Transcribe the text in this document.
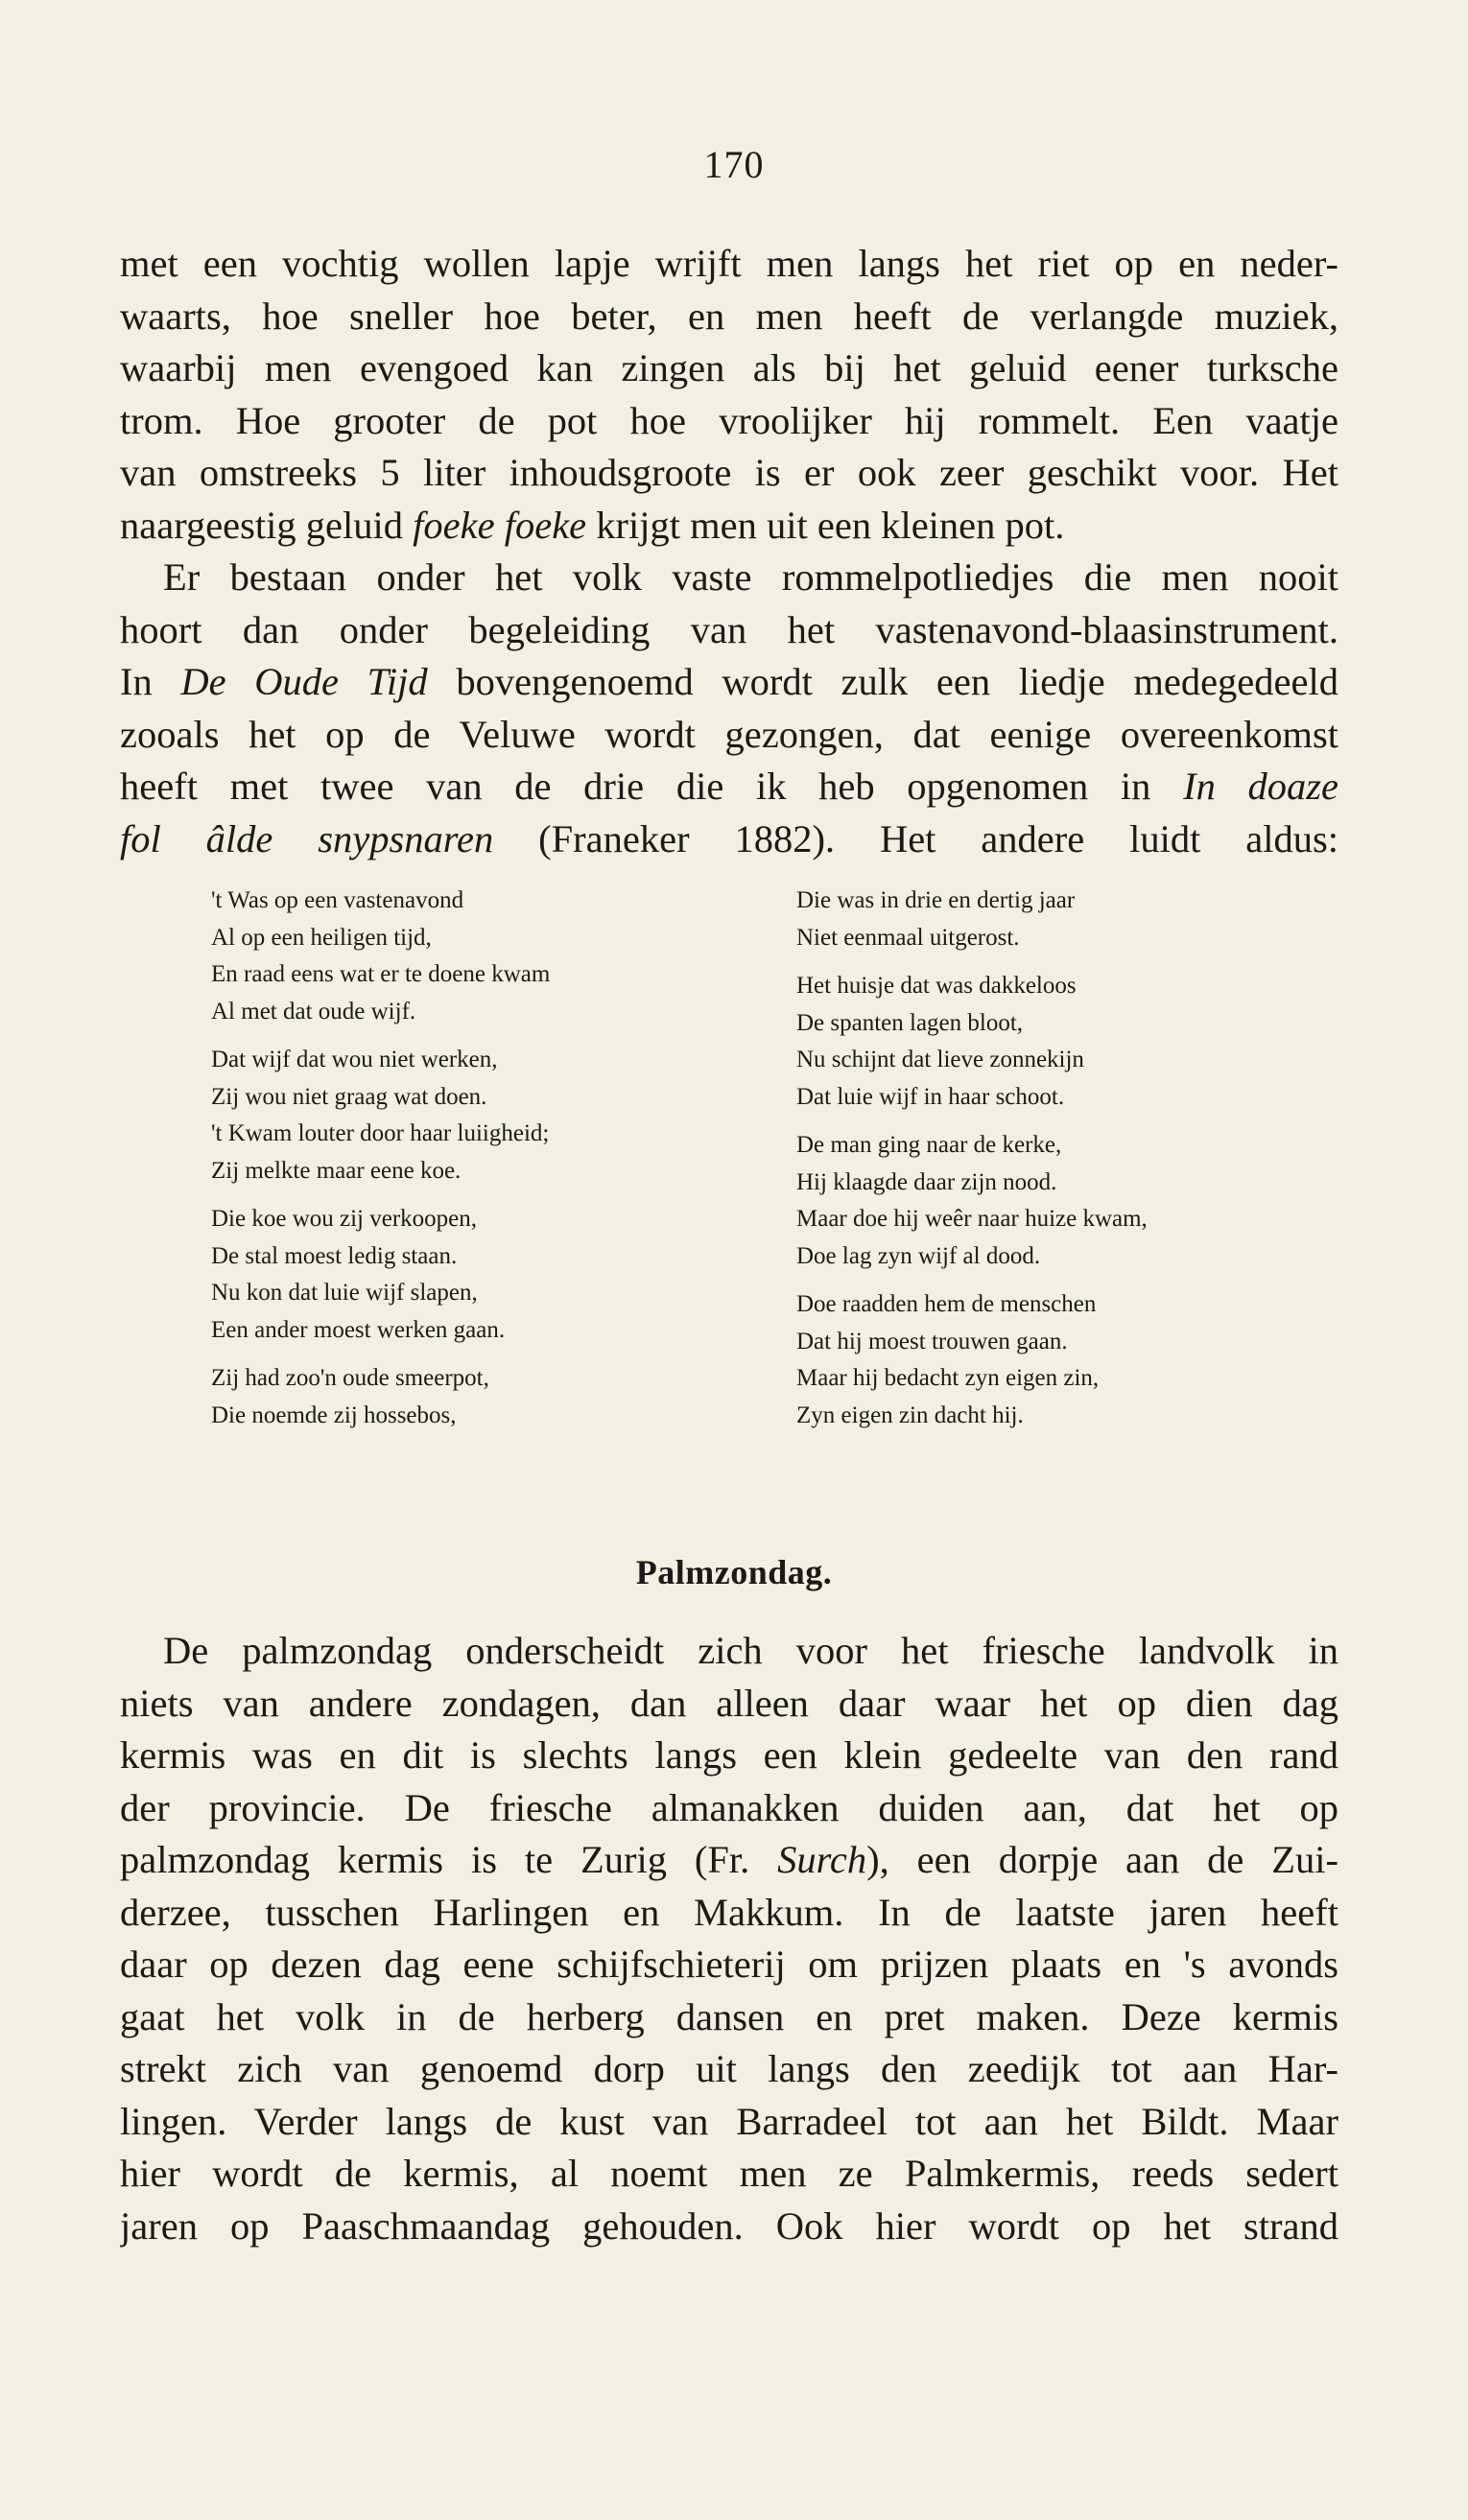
170
met een vochtig wollen lapje wrijft men langs het riet op en neder-
waarts, hoe sneller hoe beter, en men heeft de verlangde muziek,
waarbij men evengoed kan zingen als bij het geluid eener turksche
trom. Hoe grooter de pot hoe vroolijker hij rommelt. Een vaatje
van omstreeks 5 liter inhoudsgroote is er ook zeer geschikt voor. Het
naargeestig geluid foeke foeke krijgt men uit een kleinen pot.
Er bestaan onder het volk vaste rommelpotliedjes die men nooit
hoort dan onder begeleiding van het vastenavond-blaasinstrument.
In De Oude Tijd bovengenoemd wordt zulk een liedje medegedeeld
zooals het op de Veluwe wordt gezongen, dat eenige overeenkomst
heeft met twee van de drie die ik heb opgenomen in In doaze
fol âlde snypsnaren (Franeker 1882). Het andere luidt aldus:
't Was op een vastenavond
Al op een heiligen tijd,
En raad eens wat er te doene kwam
Al met dat oude wijf.
Dat wijf dat wou niet werken,
Zij wou niet graag wat doen.
't Kwam louter door haar luiigheid;
Zij melkte maar eene koe.
Die koe wou zij verkoopen,
De stal moest ledig staan.
Nu kon dat luie wijf slapen,
Een ander moest werken gaan.
Zij had zoo'n oude smeerpot,
Die noemde zij hossebos,
Die was in drie en dertig jaar
Niet eenmaal uitgerost.
Het huisje dat was dakkeloos
De spanten lagen bloot,
Nu schijnt dat lieve zonnekijn
Dat luie wijf in haar schoot.
De man ging naar de kerke,
Hij klaagde daar zijn nood.
Maar doe hij weêr naar huize kwam,
Doe lag zyn wijf al dood.
Doe raadden hem de menschen
Dat hij moest trouwen gaan.
Maar hij bedacht zyn eigen zin,
Zyn eigen zin dacht hij.
Palmzondag.
De palmzondag onderscheidt zich voor het friesche landvolk in
niets van andere zondagen, dan alleen daar waar het op dien dag
kermis was en dit is slechts langs een klein gedeelte van den rand
der provincie. De friesche almanakken duiden aan, dat het op
palmzondag kermis is te Zurig (Fr. Surch), een dorpje aan de Zui-
derzee, tusschen Harlingen en Makkum. In de laatste jaren heeft
daar op dezen dag eene schijfschieterij om prijzen plaats en 's avonds
gaat het volk in de herberg dansen en pret maken. Deze kermis
strekt zich van genoemd dorp uit langs den zeedijk tot aan Har-
lingen. Verder langs de kust van Barradeel tot aan het Bildt. Maar
hier wordt de kermis, al noemt men ze Palmkermis, reeds sedert
jaren op Paaschmaandag gehouden. Ook hier wordt op het strand
